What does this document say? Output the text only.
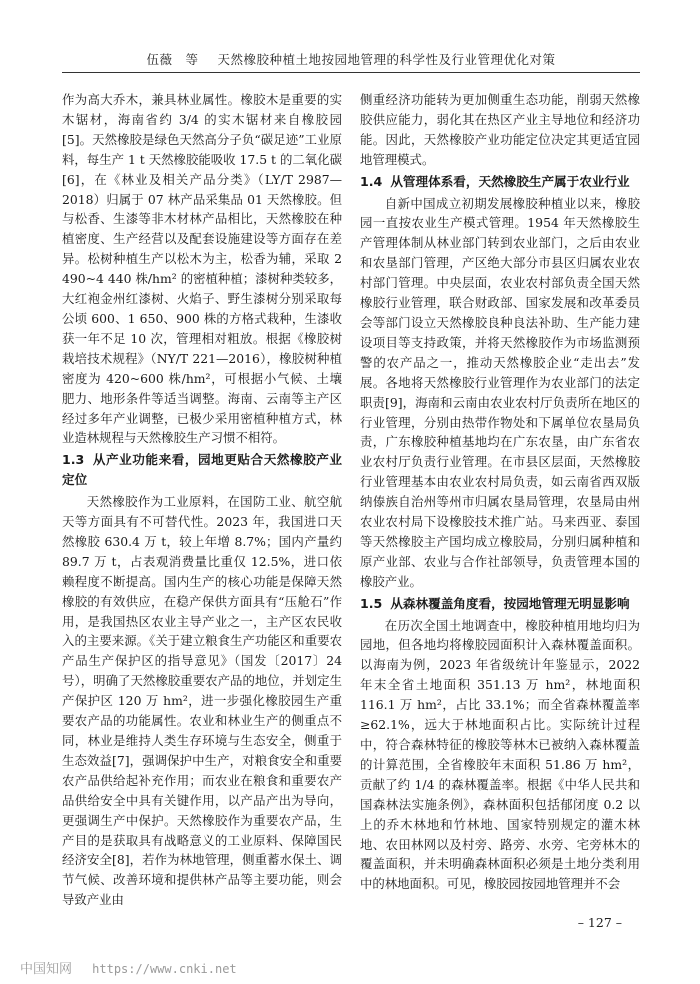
伍薇　等 天然橡胶种植土地按园地管理的科学性及行业管理优化对策

作为高大乔木，兼具林业属性。橡胶木是重要的实木锯材，海南省约 3/4 的实木锯材来自橡胶园[5]。天然橡胶是绿色天然高分子负“碳足迹”工业原料，每生产 1 t 天然橡胶能吸收 17.5 t 的二氧化碳[6]，在《林业及相关产品分类》（LY/T 2987— 2018）归属于 07 林产品采集品 01 天然橡胶。但与松香、生漆等非木材林产品相比，天然橡胶在种植密度、生产经营以及配套设施建设等方面存在差异。松树种植生产以松木为主，松香为辅，采取 2 490~4 440 株/hm² 的密植种植；漆树种类较多，大红袍金州红漆树、火焰子、野生漆树分别采取每公顷 600、1 650、900 株的方格式栽种，生漆收获一年不足 10 次，管理相对粗放。根据《橡胶树栽培技术规程》（NY/T 221—2016），橡胶树种植密度为 420~600 株/hm²，可根据小气候、土壤肥力、地形条件等适当调整。海南、云南等主产区经过多年产业调整，已极少采用密植种植方式，林业造林规程与天然橡胶生产习惯不相符。

1.3 从产业功能来看，园地更贴合天然橡胶产业定位

天然橡胶作为工业原料，在国防工业、航空航天等方面具有不可替代性。2023 年，我国进口天然橡胶 630.4 万 t，较上年增 8.7%；国内产量约 89.7 万 t，占表观消费量比重仅 12.5%，进口依赖程度不断提高。国内生产的核心功能是保障天然橡胶的有效供应，在稳产保供方面具有“压舱石”作用，是我国热区农业主导产业之一，主产区农民收入的主要来源。《关于建立粮食生产功能区和重要农产品生产保护区的指导意见》（国发〔2017〕24 号），明确了天然橡胶重要农产品的地位，并划定生产保护区 120 万 hm²，进一步强化橡胶园生产重要农产品的功能属性。农业和林业生产的侧重点不同，林业是维持人类生存环境与生态安全，侧重于生态效益[7]，强调保护中生产，对粮食安全和重要农产品供给起补充作用；而农业在粮食和重要农产品供给安全中具有关键作用，以产品产出为导向，更强调生产中保护。天然橡胶作为重要农产品，生产目的是获取具有战略意义的工业原料、保障国民经济安全[8]，若作为林地管理，侧重蓄水保土、调节气候、改善环境和提供林产品等主要功能，则会导致产业由

侧重经济功能转为更加侧重生态功能，削弱天然橡胶供应能力，弱化其在热区产业主导地位和经济功能。因此，天然橡胶产业功能定位决定其更适宜园地管理模式。

1.4 从管理体系看，天然橡胶生产属于农业行业

自新中国成立初期发展橡胶种植业以来，橡胶园一直按农业生产模式管理。1954 年天然橡胶生产管理体制从林业部门转到农业部门，之后由农业和农垦部门管理，产区绝大部分市县区归属农业农村部门管理。中央层面，农业农村部负责全国天然橡胶行业管理，联合财政部、国家发展和改革委员会等部门设立天然橡胶良种良法补助、生产能力建设项目等支持政策，并将天然橡胶作为市场监测预警的农产品之一，推动天然橡胶企业“走出去”发展。各地将天然橡胶行业管理作为农业部门的法定职责[9]，海南和云南由农业农村厅负责所在地区的行业管理，分别由热带作物处和下属单位农垦局负责，广东橡胶种植基地均在广东农垦，由广东省农业农村厅负责行业管理。在市县区层面，天然橡胶行业管理基本由农业农村局负责，如云南省西双版纳傣族自治州等州市归属农垦局管理，农垦局由州农业农村局下设橡胶技术推广站。马来西亚、泰国等天然橡胶主产国均成立橡胶局，分别归属种植和原产业部、农业与合作社部领导，负责管理本国的橡胶产业。

1.5 从森林覆盖角度看，按园地管理无明显影响

在历次全国土地调查中，橡胶种植用地均归为园地，但各地均将橡胶园面积计入森林覆盖面积。以海南为例，2023 年省级统计年鉴显示，2022 年末全省土地面积 351.13 万 hm²，林地面积 116.1 万 hm²，占比 33.1%；而全省森林覆盖率≥62.1%，远大于林地面积占比。实际统计过程中，符合森林特征的橡胶等林木已被纳入森林覆盖的计算范围，全省橡胶年末面积 51.86 万 hm²，贡献了约 1/4 的森林覆盖率。根据《中华人民共和国森林法实施条例》，森林面积包括郁闭度 0.2 以上的乔木林地和竹林地、国家特别规定的灌木林地、农田林网以及村旁、路旁、水旁、宅旁林木的覆盖面积，并未明确森林面积必须是土地分类利用中的林地面积。可见，橡胶园按园地管理并不会

– 127 –
中国知网 https://www.cnki.net
